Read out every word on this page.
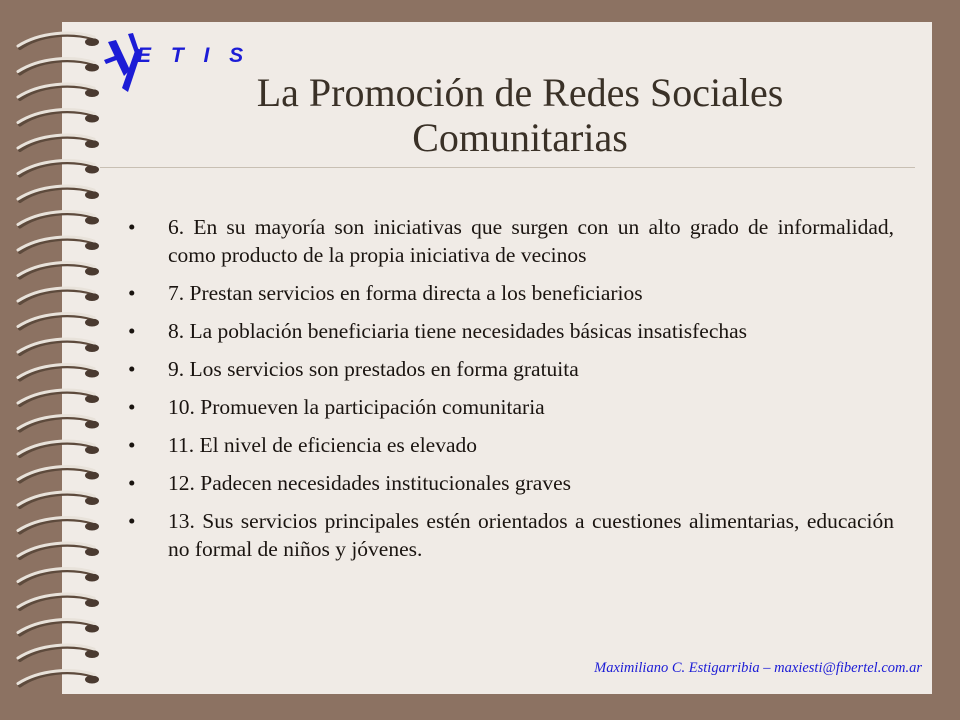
E T I S
La Promoción de Redes Sociales
Comunitarias
• 6. En su mayoría son iniciativas que surgen con un alto grado de informalidad, como producto de la propia iniciativa de vecinos
• 7. Prestan servicios en forma directa a los beneficiarios
• 8. La población beneficiaria tiene necesidades básicas insatisfechas
• 9. Los servicios son prestados en forma gratuita
• 10. Promueven la participación comunitaria
• 11. El nivel de eficiencia es elevado
• 12. Padecen necesidades institucionales graves
• 13. Sus servicios principales estén orientados a cuestiones alimentarias, educación no formal de niños y jóvenes.
Maximiliano C. Estigarribia – maxiesti@fibertel.com.ar
